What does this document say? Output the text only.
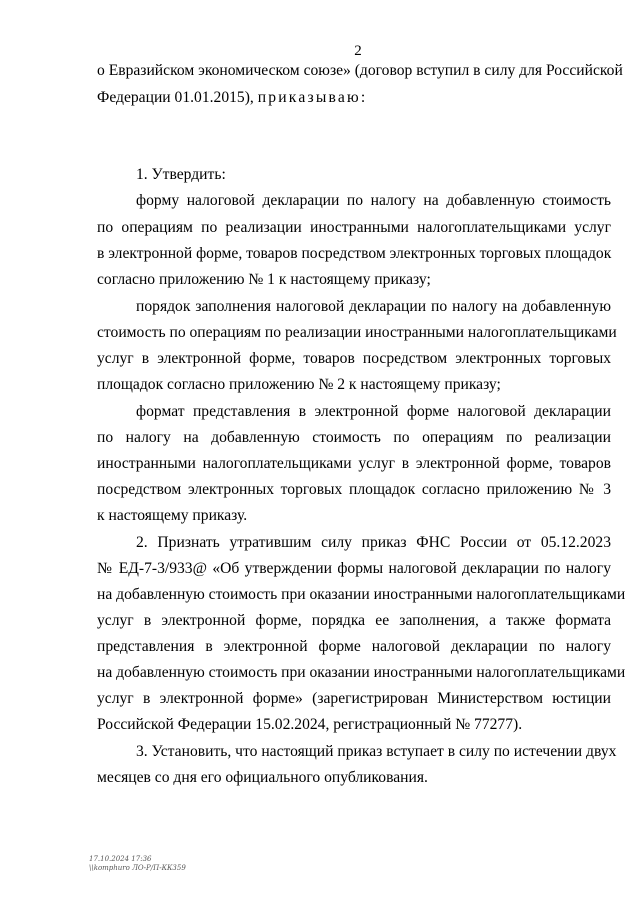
2
о Евразийском экономическом союзе» (договор вступил в силу для Российской
Федерации 01.01.2015), приказываю:
1. Утвердить:
форму налоговой декларации по налогу на добавленную стоимость
по операциям по реализации иностранными налогоплательщиками услуг
в электронной форме, товаров посредством электронных торговых площадок
согласно приложению № 1 к настоящему приказу;
порядок заполнения налоговой декларации по налогу на добавленную
стоимость по операциям по реализации иностранными налогоплательщиками
услуг в электронной форме, товаров посредством электронных торговых
площадок согласно приложению № 2 к настоящему приказу;
формат представления в электронной форме налоговой декларации
по налогу на добавленную стоимость по операциям по реализации
иностранными налогоплательщиками услуг в электронной форме, товаров
посредством электронных торговых площадок согласно приложению № 3
к настоящему приказу.
2. Признать утратившим силу приказ ФНС России от 05.12.2023
№ ЕД-7-3/933@ «Об утверждении формы налоговой декларации по налогу
на добавленную стоимость при оказании иностранными налогоплательщиками
услуг в электронной форме, порядка ее заполнения, а также формата
представления в электронной форме налоговой декларации по налогу
на добавленную стоимость при оказании иностранными налогоплательщиками
услуг в электронной форме» (зарегистрирован Министерством юстиции
Российской Федерации 15.02.2024, регистрационный № 77277).
3. Установить, что настоящий приказ вступает в силу по истечении двух
месяцев со дня его официального опубликования.
17.10.2024 17:36
\\komphuro ЛО-Р/П-КК359
